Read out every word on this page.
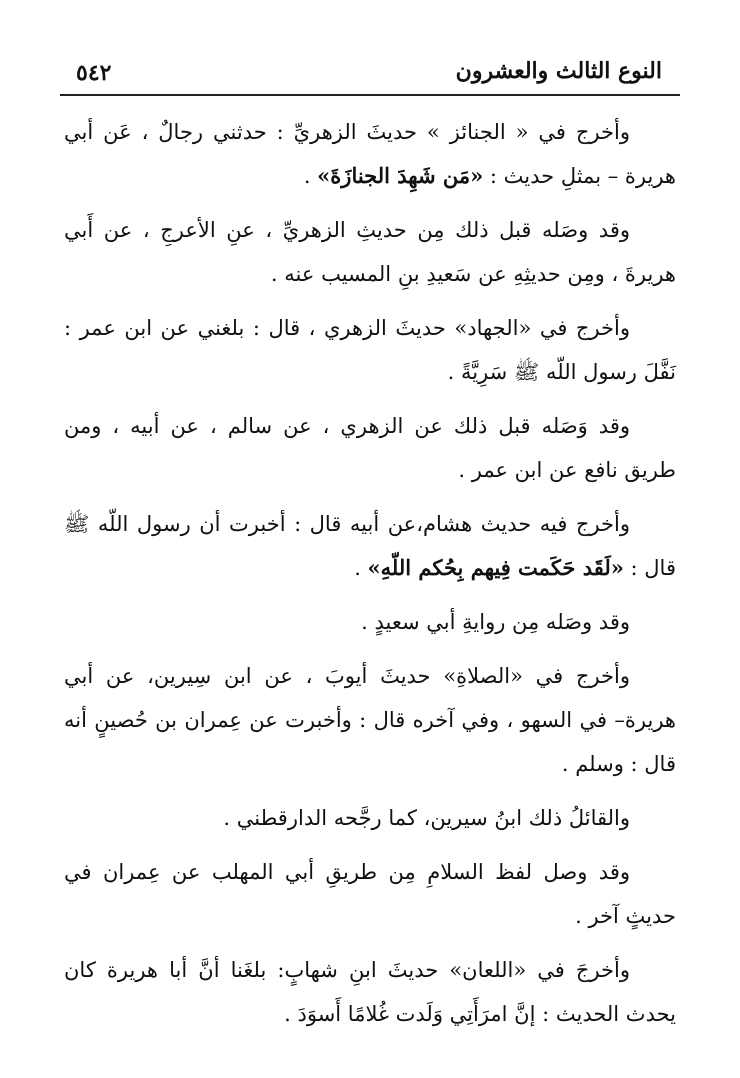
النوع الثالث والعشرون
٥٤٢

وأخرج في « الجنائز » حديثَ الزهريِّ : حدثني رجالٌ ، عَن أبي هريرة – بمثلِ حديث : «مَن شَهِدَ الجنازَةَ» .

وقد وصَله قبل ذلك مِن حديثِ الزهريِّ ، عنِ الأعرجِ ، عن أَبي هريرةَ ، ومِن حديثِهِ عن سَعيدِ بنِ المسيب عنه .

وأخرج في «الجهاد» حديثَ الزهري ، قال : بلغني عن ابن عمر : نَفَّلَ رسول اللّه ﷺ سَرِيَّةً .

وقد وَصَله قبل ذلك عن الزهري ، عن سالم ، عن أبيه ، ومن طريق نافع عن ابن عمر .

وأخرج فيه حديث هشام،عن أبيه قال : أخبرت أن رسول اللّه ﷺ قال : «لَقَد حَكَمت فِيهم بِحُكم اللّهِ» .

وقد وصَله مِن روايةِ أبي سعيدٍ .

وأخرج في «الصلاةِ» حديثَ أيوبَ ، عن ابن سِيرين، عن أبي هريرة– في السهو ، وفي آخره قال : وأخبرت عن عِمران بن حُصينٍ أنه قال : وسلم .

والقائلُ ذلك ابنُ سيرين، كما رجَّحه الدارقطني .

وقد وصل لفظ السلامِ مِن طريقِ أبي المهلب عن عِمران في حديثٍ آخر .

وأخرجَ في «اللعان» حديثَ ابنِ شهابٍ: بلغَنا أنَّ أبا هريرة كان يحدث الحديث : إنَّ امرَأَتِي وَلَدت غُلامًا أَسوَدَ .
